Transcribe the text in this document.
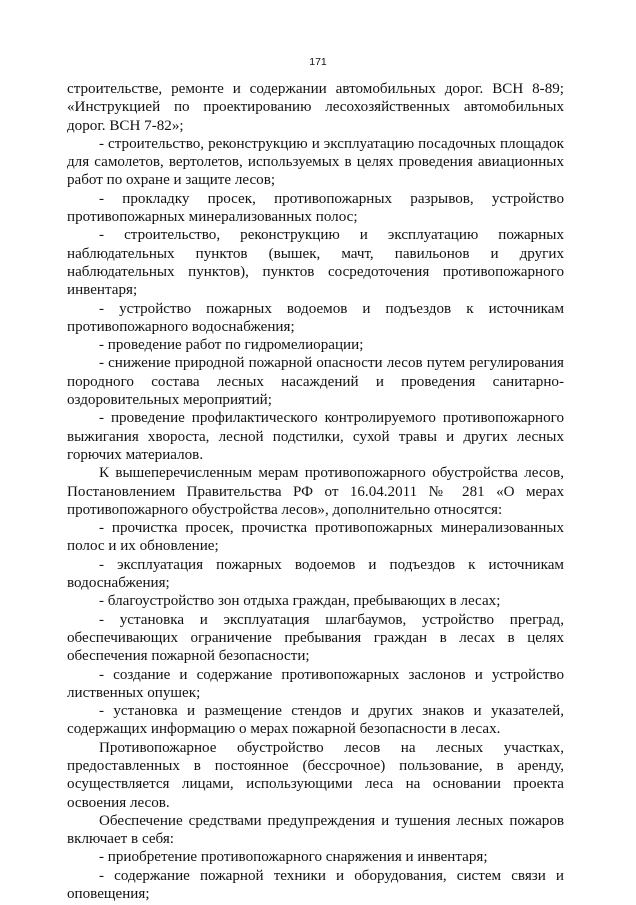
171

строительстве, ремонте и содержании автомобильных дорог. ВСН 8-89; «Инструкцией по проектированию лесохозяйственных автомобильных дорог. ВСН 7-82»;

- строительство, реконструкцию и эксплуатацию посадочных площадок для самолетов, вертолетов, используемых в целях проведения авиационных работ по охране и защите лесов;

- прокладку просек, противопожарных разрывов, устройство противопожарных минерализованных полос;

- строительство, реконструкцию и эксплуатацию пожарных наблюдательных пунктов (вышек, мачт, павильонов и других наблюдательных пунктов), пунктов сосредоточения противопожарного инвентаря;

- устройство пожарных водоемов и подъездов к источникам противопожарного водоснабжения;

- проведение работ по гидромелиорации;

- снижение природной пожарной опасности лесов путем регулирования породного состава лесных насаждений и проведения санитарно-оздоровительных мероприятий;

- проведение профилактического контролируемого противопожарного выжигания хвороста, лесной подстилки, сухой травы и других лесных горючих материалов.

К вышеперечисленным мерам противопожарного обустройства лесов, Постановлением Правительства РФ от 16.04.2011 № 281 «О мерах противопожарного обустройства лесов», дополнительно относятся:

- прочистка просек, прочистка противопожарных минерализованных полос и их обновление;

- эксплуатация пожарных водоемов и подъездов к источникам водоснабжения;

- благоустройство зон отдыха граждан, пребывающих в лесах;

- установка и эксплуатация шлагбаумов, устройство преград, обеспечивающих ограничение пребывания граждан в лесах в целях обеспечения пожарной безопасности;

- создание и содержание противопожарных заслонов и устройство лиственных опушек;

- установка и размещение стендов и других знаков и указателей, содержащих информацию о мерах пожарной безопасности в лесах.

Противопожарное обустройство лесов на лесных участках, предоставленных в постоянное (бессрочное) пользование, в аренду, осуществляется лицами, использующими леса на основании проекта освоения лесов.

Обеспечение средствами предупреждения и тушения лесных пожаров включает в себя:

- приобретение противопожарного снаряжения и инвентаря;

- содержание пожарной техники и оборудования, систем связи и оповещения;
